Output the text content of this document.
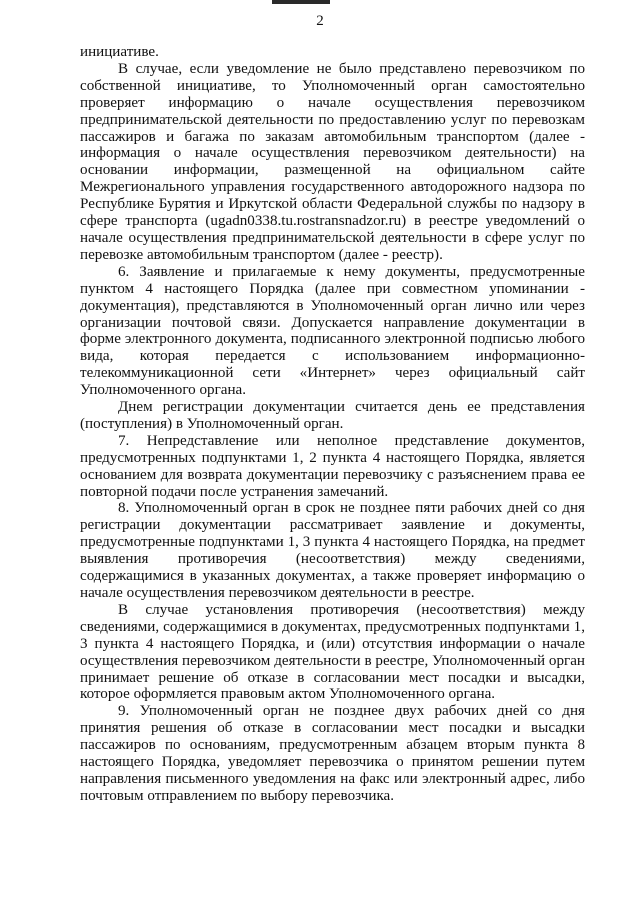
2

инициативе.

В случае, если уведомление не было представлено перевозчиком по собственной инициативе, то Уполномоченный орган самостоятельно проверяет информацию о начале осуществления перевозчиком предпринимательской деятельности по предоставлению услуг по перевозкам пассажиров и багажа по заказам автомобильным транспортом (далее - информация о начале осуществления перевозчиком деятельности) на основании информации, размещенной на официальном сайте Межрегионального управления государственного автодорожного надзора по Республике Бурятия и Иркутской области Федеральной службы по надзору в сфере транспорта (ugadn0338.tu.rostransnadzor.ru) в реестре уведомлений о начале осуществления предпринимательской деятельности в сфере услуг по перевозке автомобильным транспортом (далее - реестр).

6. Заявление и прилагаемые к нему документы, предусмотренные пунктом 4 настоящего Порядка (далее при совместном упоминании - документация), представляются в Уполномоченный орган лично или через организации почтовой связи. Допускается направление документации в форме электронного документа, подписанного электронной подписью любого вида, которая передается с использованием информационно-телекоммуникационной сети «Интернет» через официальный сайт Уполномоченного органа.

Днем регистрации документации считается день ее представления (поступления) в Уполномоченный орган.

7. Непредставление или неполное представление документов, предусмотренных подпунктами 1, 2 пункта 4 настоящего Порядка, является основанием для возврата документации перевозчику с разъяснением права ее повторной подачи после устранения замечаний.

8. Уполномоченный орган в срок не позднее пяти рабочих дней со дня регистрации документации рассматривает заявление и документы, предусмотренные подпунктами 1, 3 пункта 4 настоящего Порядка, на предмет выявления противоречия (несоответствия) между сведениями, содержащимися в указанных документах, а также проверяет информацию о начале осуществления перевозчиком деятельности в реестре.

В случае установления противоречия (несоответствия) между сведениями, содержащимися в документах, предусмотренных подпунктами 1, 3 пункта 4 настоящего Порядка, и (или) отсутствия информации о начале осуществления перевозчиком деятельности в реестре, Уполномоченный орган принимает решение об отказе в согласовании мест посадки и высадки, которое оформляется правовым актом Уполномоченного органа.

9. Уполномоченный орган не позднее двух рабочих дней со дня принятия решения об отказе в согласовании мест посадки и высадки пассажиров по основаниям, предусмотренным абзацем вторым пункта 8 настоящего Порядка, уведомляет перевозчика о принятом решении путем направления письменного уведомления на факс или электронный адрес, либо почтовым отправлением по выбору перевозчика.
